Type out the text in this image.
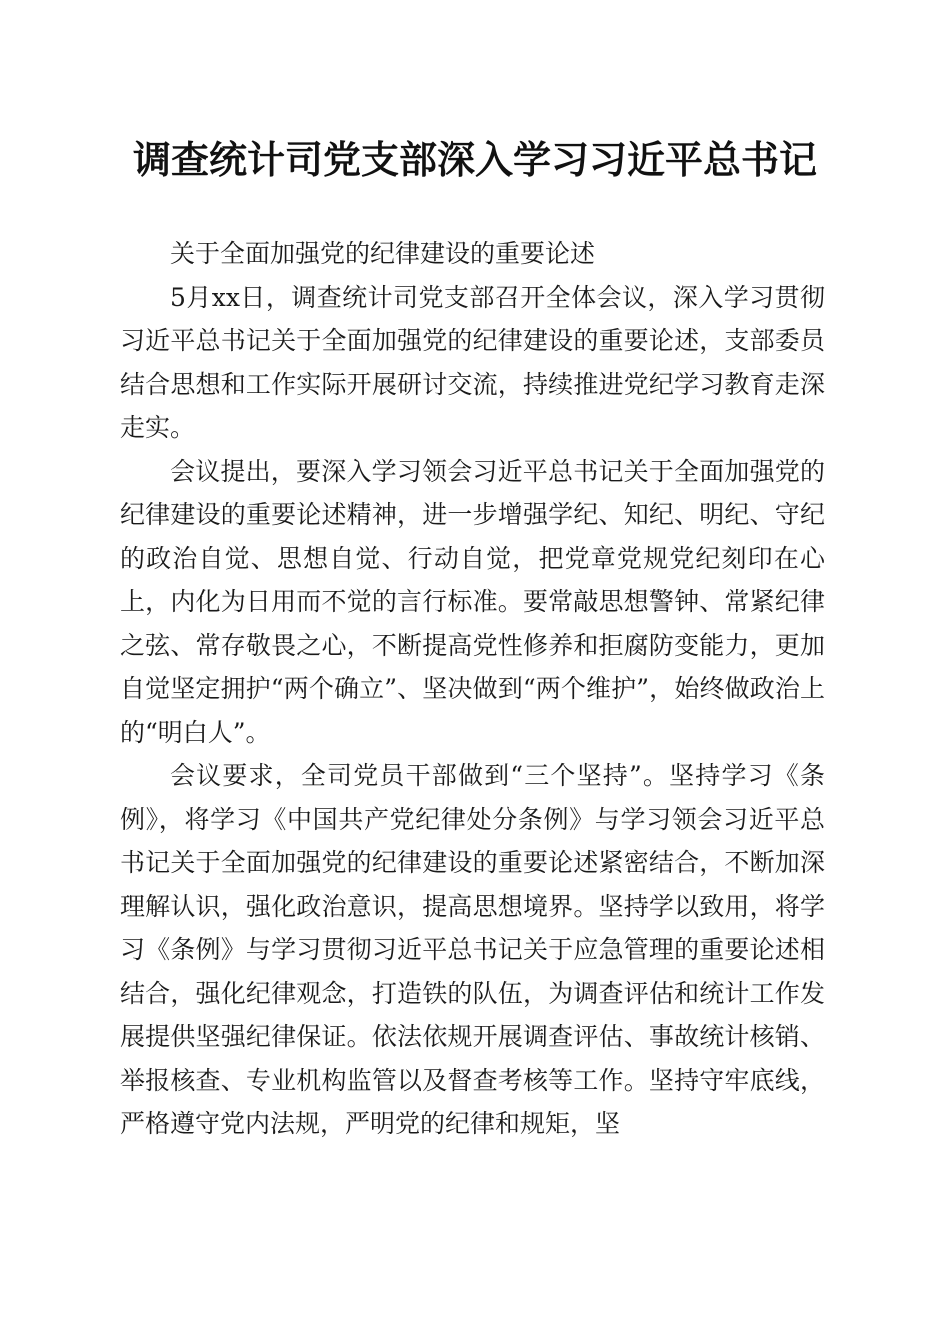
调查统计司党支部深入学习习近平总书记

关于全面加强党的纪律建设的重要论述

5月xx日，调查统计司党支部召开全体会议，深入学习贯彻习近平总书记关于全面加强党的纪律建设的重要论述，支部委员结合思想和工作实际开展研讨交流，持续推进党纪学习教育走深走实。

会议提出，要深入学习领会习近平总书记关于全面加强党的纪律建设的重要论述精神，进一步增强学纪、知纪、明纪、守纪的政治自觉、思想自觉、行动自觉，把党章党规党纪刻印在心上，内化为日用而不觉的言行标准。要常敲思想警钟、常紧纪律之弦、常存敬畏之心，不断提高党性修养和拒腐防变能力，更加自觉坚定拥护“两个确立”、坚决做到“两个维护”，始终做政治上的“明白人”。

会议要求，全司党员干部做到“三个坚持”。坚持学习《条例》，将学习《中国共产党纪律处分条例》与学习领会习近平总书记关于全面加强党的纪律建设的重要论述紧密结合，不断加深理解认识，强化政治意识，提高思想境界。坚持学以致用，将学习《条例》与学习贯彻习近平总书记关于应急管理的重要论述相结合，强化纪律观念，打造铁的队伍，为调查评估和统计工作发展提供坚强纪律保证。依法依规开展调查评估、事故统计核销、举报核查、专业机构监管以及督查考核等工作。坚持守牢底线，严格遵守党内法规，严明党的纪律和规矩，坚
